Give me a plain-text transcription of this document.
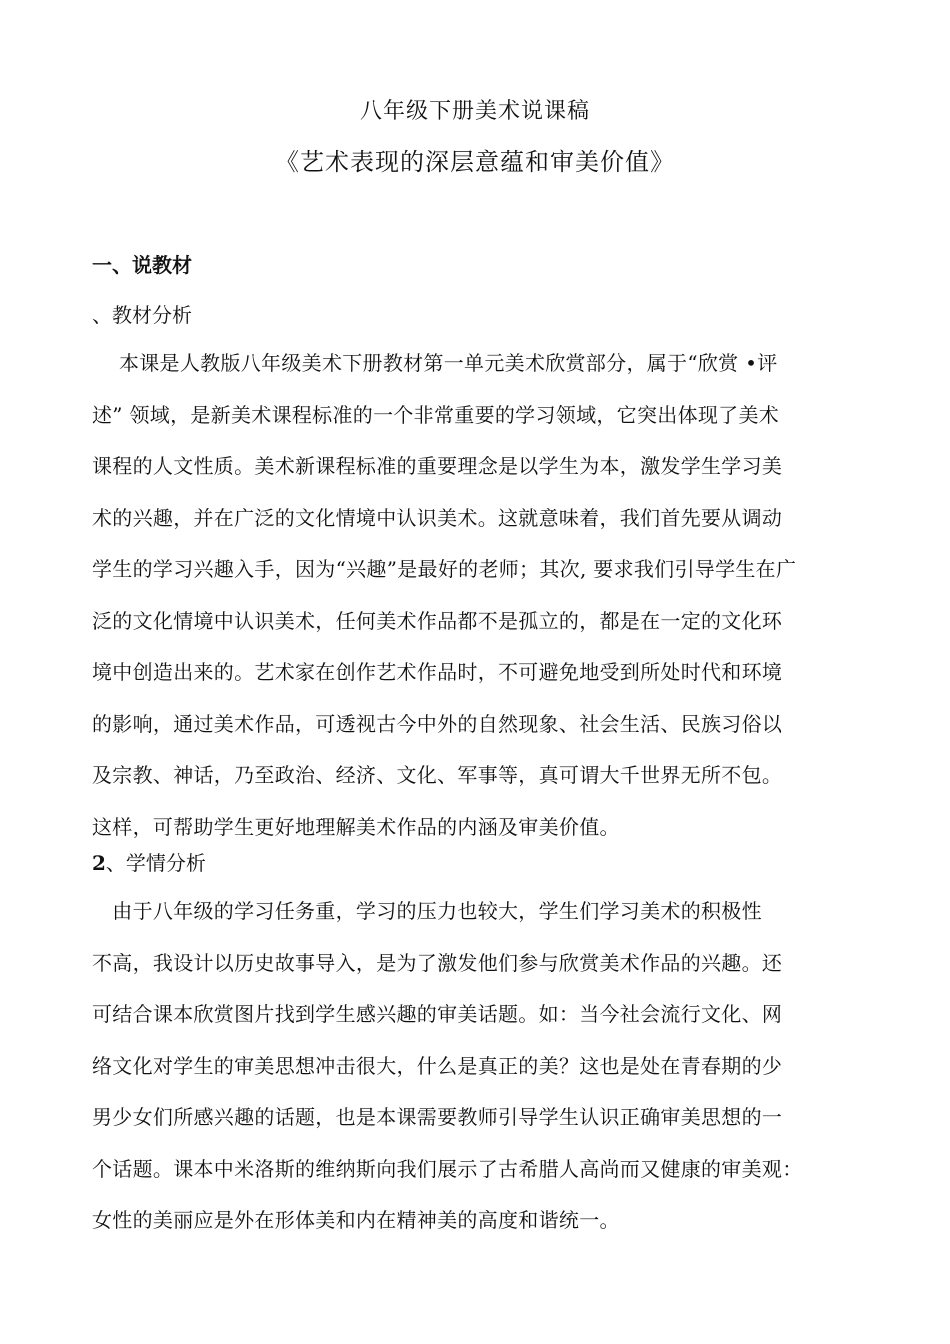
八年级下册美术说课稿
《艺术表现的深层意蕴和审美价值》
一、说教材
、教材分析
　 本课是人教版八年级美术下册教材第一单元美术欣赏部分，属于“欣赏 •评
述” 领域，是新美术课程标准的一个非常重要的学习领域，它突出体现了美术
课程的人文性质。美术新课程标准的重要理念是以学生为本，激发学生学习美
术的兴趣，并在广泛的文化情境中认识美术。这就意味着，我们首先要从调动
学生的学习兴趣入手，因为“兴趣”是最好的老师；其次, 要求我们引导学生在广
泛的文化情境中认识美术，任何美术作品都不是孤立的，都是在一定的文化环
境中创造出来的。艺术家在创作艺术作品时，不可避免地受到所处时代和环境
的影响，通过美术作品，可透视古今中外的自然现象、社会生活、民族习俗以
及宗教、神话，乃至政治、经济、文化、军事等，真可谓大千世界无所不包。
这样，可帮助学生更好地理解美术作品的内涵及审美价值。
2、学情分析
　由于八年级的学习任务重，学习的压力也较大，学生们学习美术的积极性
不高，我设计以历史故事导入，是为了激发他们参与欣赏美术作品的兴趣。还
可结合课本欣赏图片找到学生感兴趣的审美话题。如：当今社会流行文化、网
络文化对学生的审美思想冲击很大，什么是真正的美？这也是处在青春期的少
男少女们所感兴趣的话题，也是本课需要教师引导学生认识正确审美思想的一
个话题。课本中米洛斯的维纳斯向我们展示了古希腊人高尚而又健康的审美观：
女性的美丽应是外在形体美和内在精神美的高度和谐统一。
